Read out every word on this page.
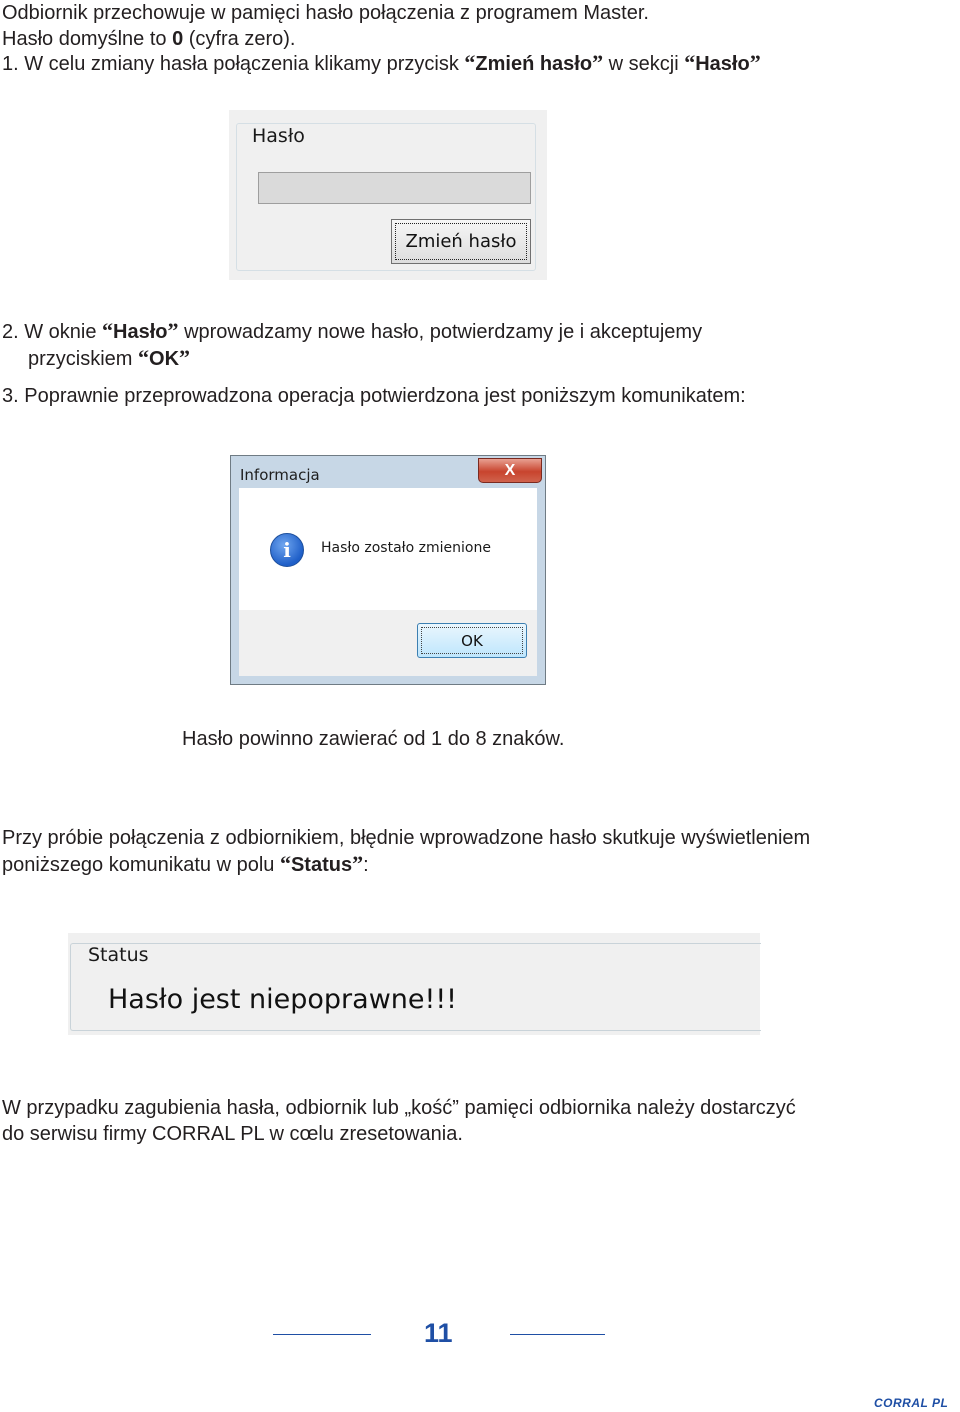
Odbiornik przechowuje w pamięci hasło połączenia z programem Master.
Hasło domyślne to 0 (cyfra zero).
1. W celu zmiany hasła połączenia klikamy przycisk “Zmień hasło” w sekcji “Hasło”
Hasło
Zmień hasło
2. W oknie “Hasło” wprowadzamy nowe hasło, potwierdzamy je i akceptujemy
przyciskiem “OK”
3. Poprawnie przeprowadzona operacja potwierdzona jest poniższym komunikatem:
Informacja	X
i	Hasło zostało zmienione
OK
Hasło powinno zawierać od 1 do 8 znaków.
Przy próbie połączenia z odbiornikiem, błędnie wprowadzone hasło skutkuje wyświetleniem
poniższego komunikatu w polu “Status”:
Status
Hasło jest niepoprawne!!!
W przypadku zagubienia hasła, odbiornik lub „kość” pamięci odbiornika należy dostarczyć
do serwisu firmy CORRAL PL w cœlu zresetowania.
11
CORRAL PL
